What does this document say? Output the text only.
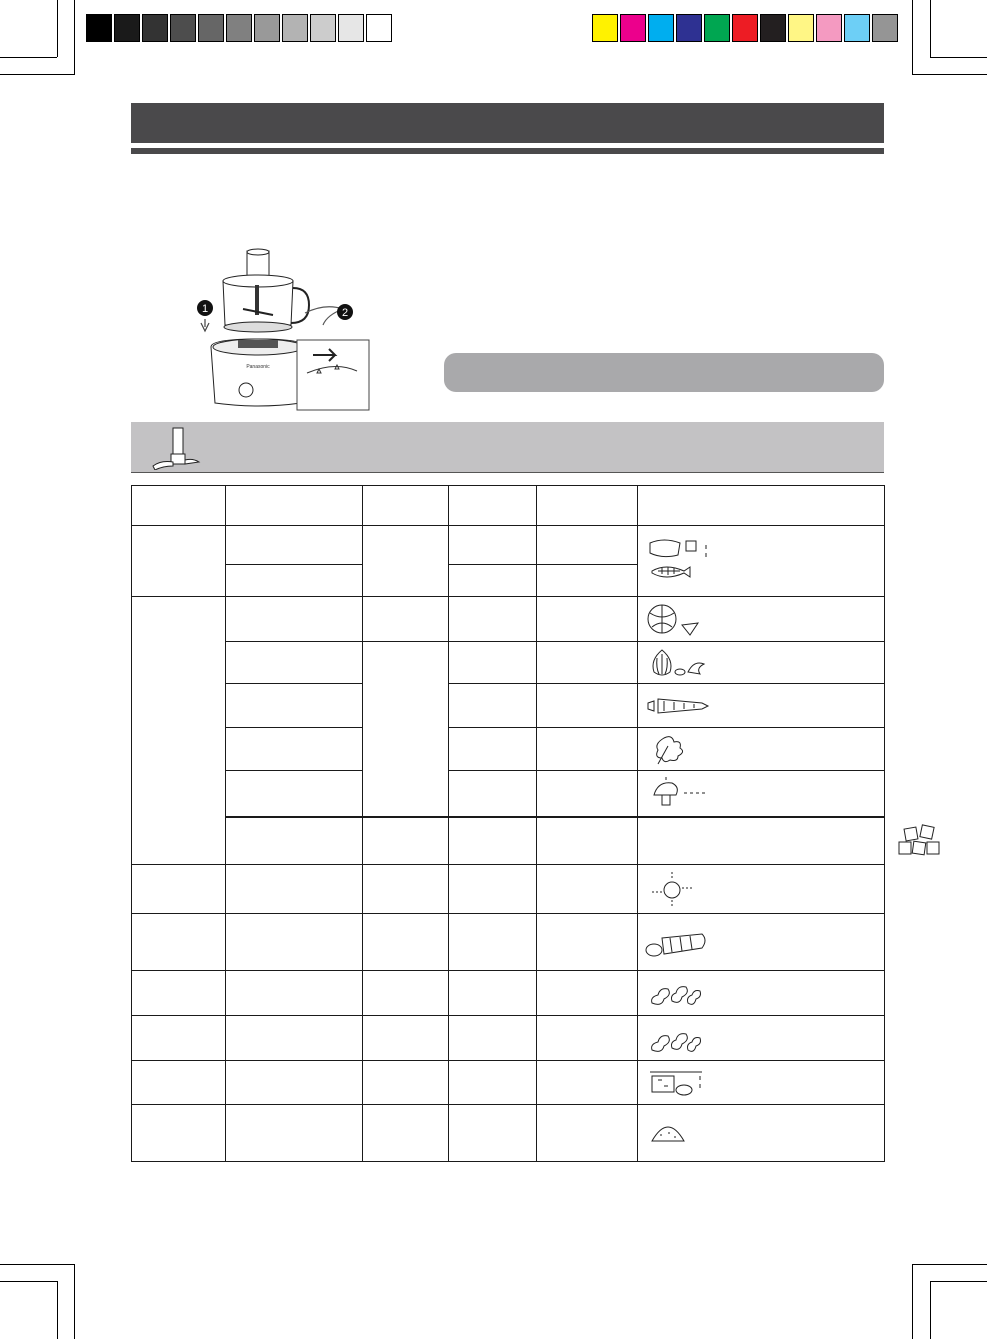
1
Panasonic
2
